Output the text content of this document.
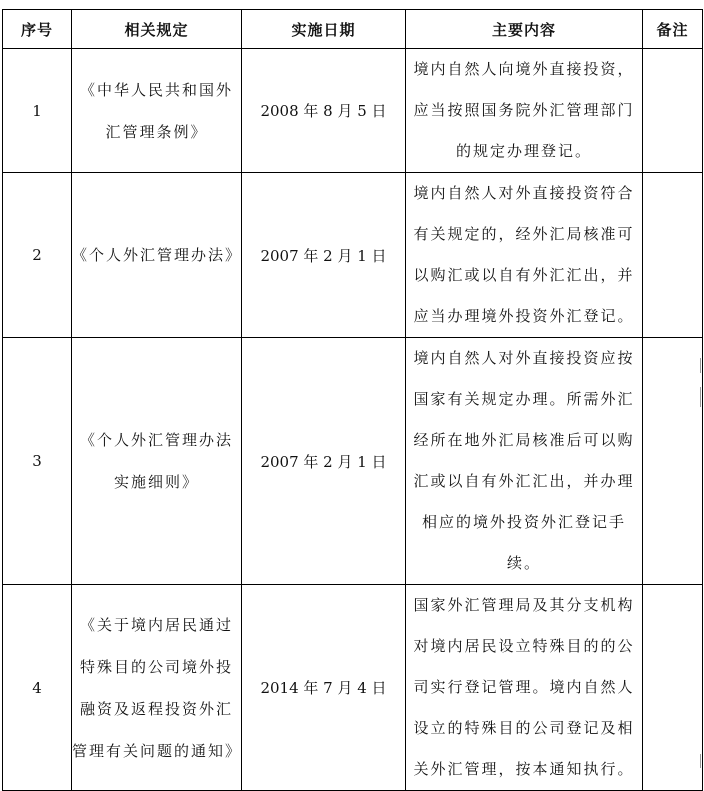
序号	相关规定	实施日期	主要内容	备注
1	《中华人民共和国外汇管理条例》	2008 年 8 月 5 日	境内自然人向境外直接投资，应当按照国务院外汇管理部门的规定办理登记。	
2	《个人外汇管理办法》	2007 年 2 月 1 日	境内自然人对外直接投资符合有关规定的，经外汇局核准可以购汇或以自有外汇汇出，并应当办理境外投资外汇登记。	
3	《个人外汇管理办法实施细则》	2007 年 2 月 1 日	境内自然人对外直接投资应按国家有关规定办理。所需外汇经所在地外汇局核准后可以购汇或以自有外汇汇出，并办理相应的境外投资外汇登记手续。	
4	《关于境内居民通过特殊目的公司境外投融资及返程投资外汇管理有关问题的通知》	2014 年 7 月 4 日	国家外汇管理局及其分支机构对境内居民设立特殊目的的公司实行登记管理。境内自然人设立的特殊目的公司登记及相关外汇管理，按本通知执行。	
